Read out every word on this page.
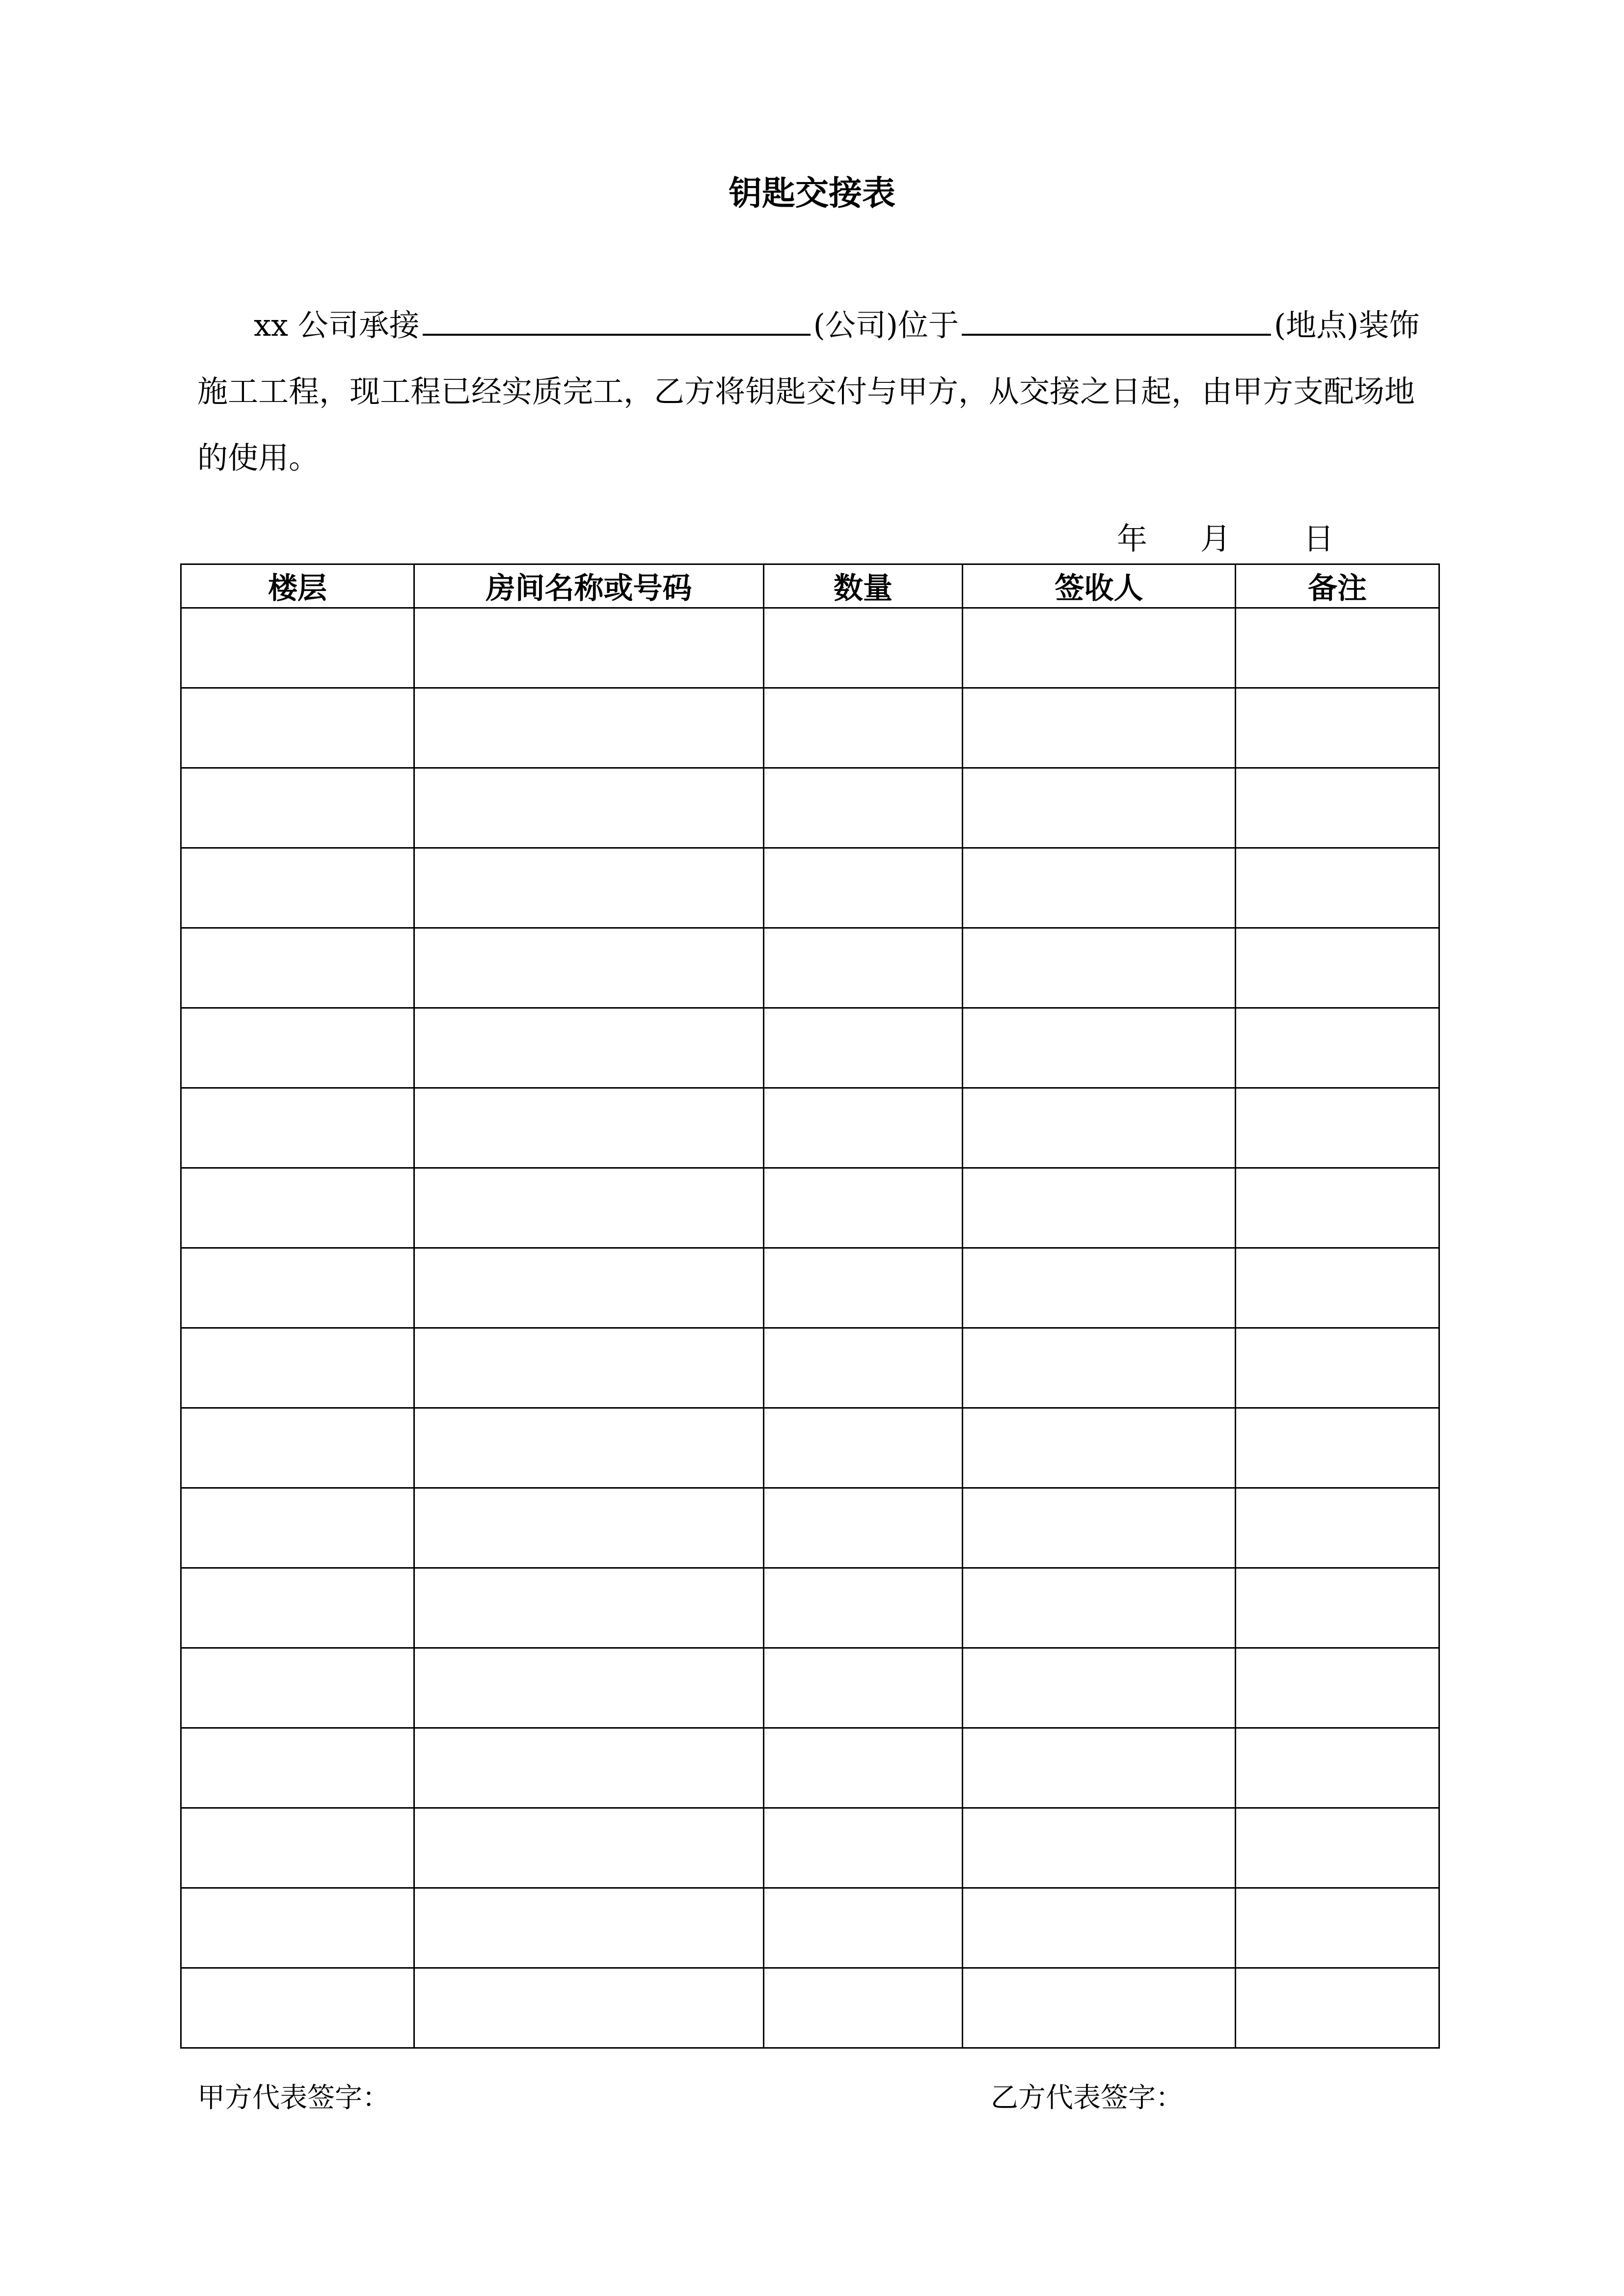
钥匙交接表
xx 公司承接	(公司)位于	(地点)装饰施工工程，现工程已经实质完工，乙方将钥匙交付与甲方，从交接之日起，由甲方支配场地的使用。
年 月 日
楼层	房间名称或号码	数量	签收人	备注

甲方代表签字：	乙方代表签字：
